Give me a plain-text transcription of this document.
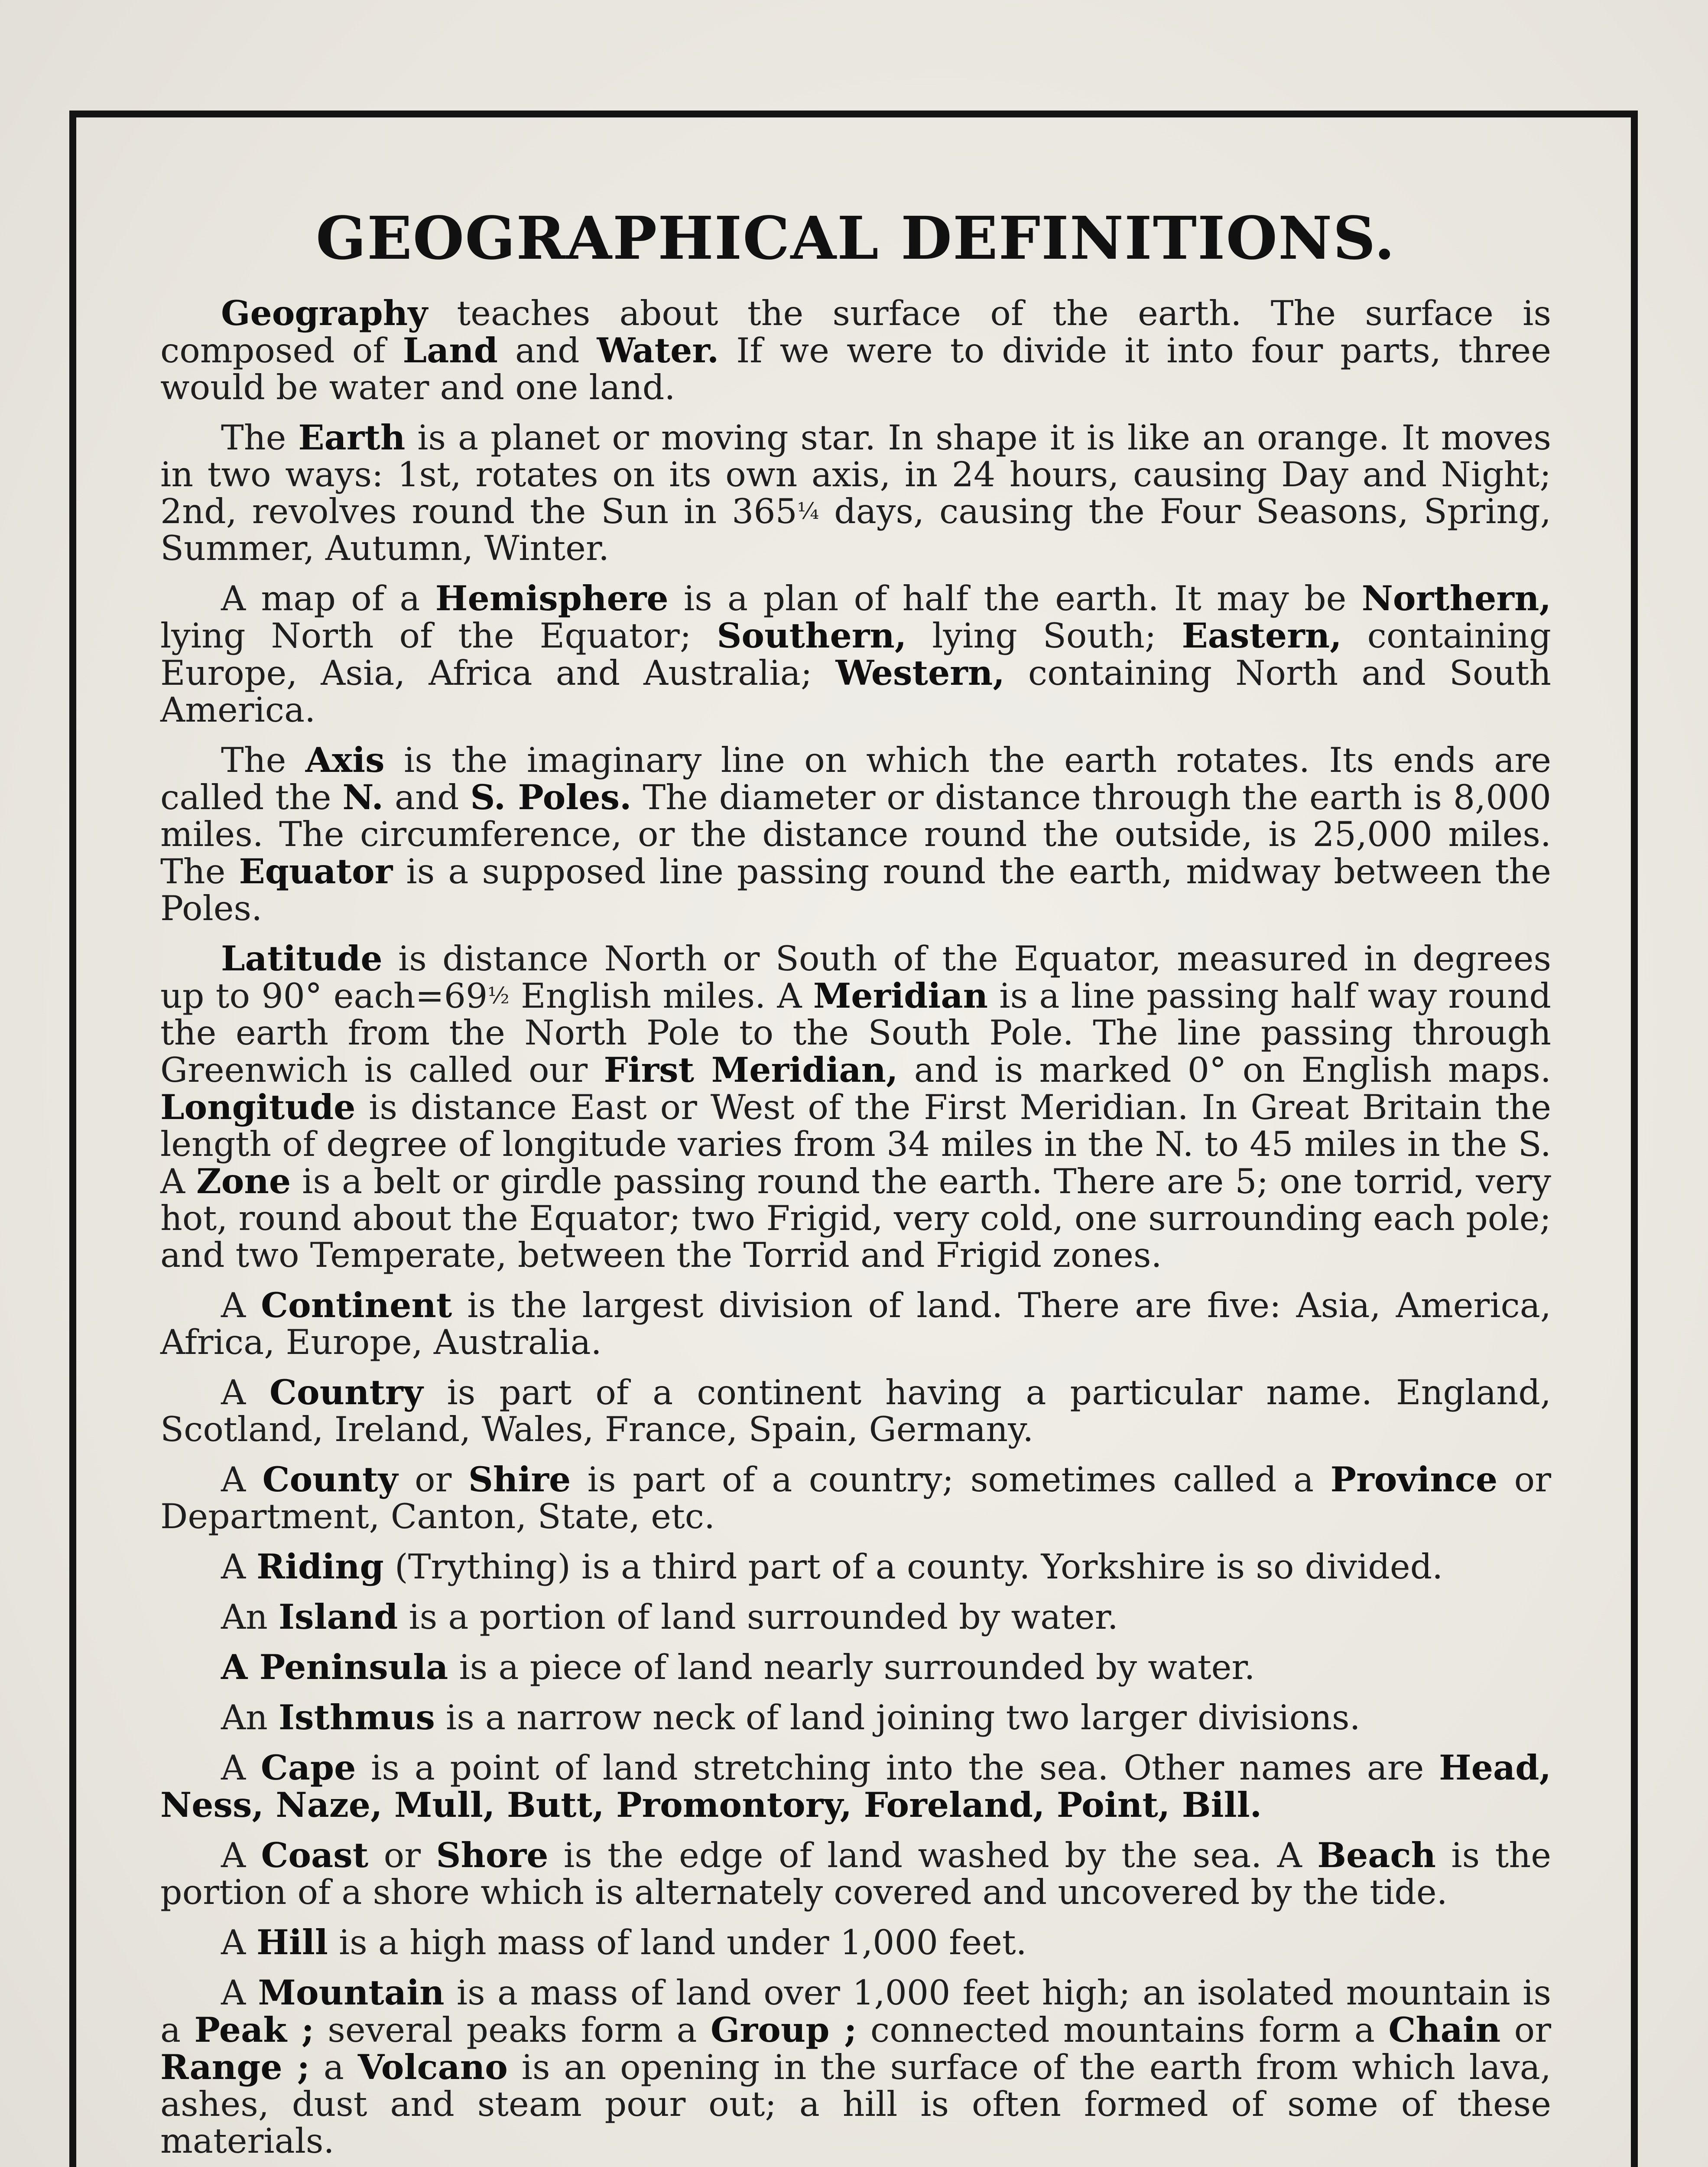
GEOGRAPHICAL DEFINITIONS.

Geography teaches about the surface of the earth. The surface is composed of Land and Water. If we were to divide it into four parts, three would be water and one land.

The Earth is a planet or moving star. In shape it is like an orange. It moves in two ways: 1st, rotates on its own axis, in 24 hours, causing Day and Night; 2nd, revolves round the Sun in 365¼ days, causing the Four Seasons, Spring, Summer, Autumn, Winter.

A map of a Hemisphere is a plan of half the earth. It may be Northern, lying North of the Equator; Southern, lying South; Eastern, containing Europe, Asia, Africa and Australia; Western, containing North and South America.

The Axis is the imaginary line on which the earth rotates. Its ends are called the N. and S. Poles. The diameter or distance through the earth is 8,000 miles. The circumference, or the distance round the outside, is 25,000 miles. The Equator is a supposed line passing round the earth, midway between the Poles.

Latitude is distance North or South of the Equator, measured in degrees up to 90° each=69½ English miles. A Meridian is a line passing half way round the earth from the North Pole to the South Pole. The line passing through Greenwich is called our First Meridian, and is marked 0° on English maps. Longitude is distance East or West of the First Meridian. In Great Britain the length of degree of longitude varies from 34 miles in the N. to 45 miles in the S. A Zone is a belt or girdle passing round the earth. There are 5; one torrid, very hot, round about the Equator; two Frigid, very cold, one surrounding each pole; and two Temperate, between the Torrid and Frigid zones.

A Continent is the largest division of land. There are five: Asia, America, Africa, Europe, Australia.

A Country is part of a continent having a particular name. England, Scotland, Ireland, Wales, France, Spain, Germany.

A County or Shire is part of a country; sometimes called a Province or Department, Canton, State, etc.

A Riding (Trything) is a third part of a county. Yorkshire is so divided.

An Island is a portion of land surrounded by water.

A Peninsula is a piece of land nearly surrounded by water.

An Isthmus is a narrow neck of land joining two larger divisions.

A Cape is a point of land stretching into the sea. Other names are Head, Ness, Naze, Mull, Butt, Promontory, Foreland, Point, Bill.

A Coast or Shore is the edge of land washed by the sea. A Beach is the portion of a shore which is alternately covered and uncovered by the tide.

A Hill is a high mass of land under 1,000 feet.

A Mountain is a mass of land over 1,000 feet high; an isolated mountain is a Peak ; several peaks form a Group ; connected mountains form a Chain or Range ; a Volcano is an opening in the surface of the earth from which lava, ashes, dust and steam pour out; a hill is often formed of some of these materials.
